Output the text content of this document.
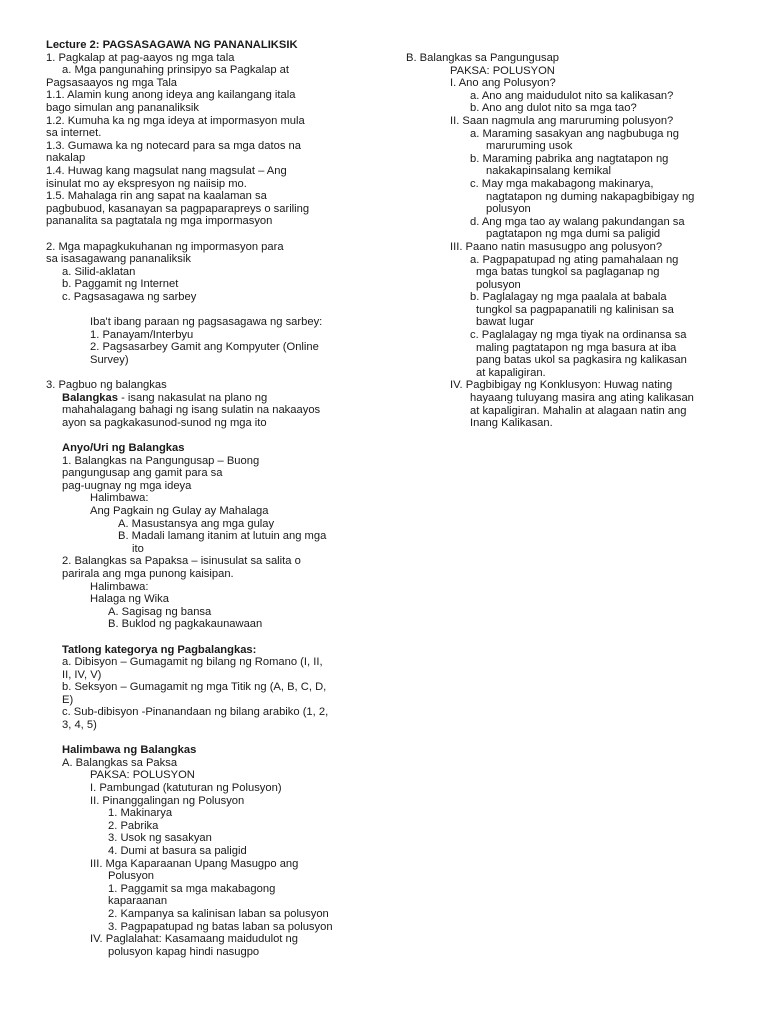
Lecture 2: PAGSASAGAWA NG PANANALIKSIK
1. Pagkalap at pag-aayos ng mga tala
a. Mga pangunahing prinsipyo sa Pagkalap at
Pagsasaayos ng mga Tala
1.1. Alamin kung anong ideya ang kailangang itala
bago simulan ang pananaliksik
1.2. Kumuha ka ng mga ideya at impormasyon mula
sa internet.
1.3. Gumawa ka ng notecard para sa mga datos na
nakalap
1.4. Huwag kang magsulat nang magsulat – Ang
isinulat mo ay ekspresyon ng naiisip mo.
1.5. Mahalaga rin ang sapat na kaalaman sa
pagbubuod, kasanayan sa pagpaparapreys o sariling
pananalita sa pagtatala ng mga impormasyon
2. Mga mapagkukuhanan ng impormasyon para
sa isasagawang pananaliksik
a. Silid-aklatan
b. Paggamit ng Internet
c. Pagsasagawa ng sarbey
Iba't ibang paraan ng pagsasagawa ng sarbey:
1. Panayam/Interbyu
2. Pagsasarbey Gamit ang Kompyuter (Online
Survey)
3. Pagbuo ng balangkas
Balangkas - isang nakasulat na plano ng
mahahalagang bahagi ng isang sulatin na nakaayos
ayon sa pagkakasunod-sunod ng mga ito
Anyo/Uri ng Balangkas
1. Balangkas na Pangungusap – Buong
pangungusap ang gamit para sa
pag-uugnay ng mga ideya
Halimbawa:
Ang Pagkain ng Gulay ay Mahalaga
A. Masustansya ang mga gulay
B. Madali lamang itanim at lutuin ang mga
ito
2. Balangkas sa Papaksa – isinusulat sa salita o
parirala ang mga punong kaisipan.
Halimbawa:
Halaga ng Wika
A. Sagisag ng bansa
B. Buklod ng pagkakaunawaan
Tatlong kategorya ng Pagbalangkas:
a. Dibisyon – Gumagamit ng bilang ng Romano (I, II,
II, IV, V)
b. Seksyon – Gumagamit ng mga Titik ng (A, B, C, D,
E)
c. Sub-dibisyon -Pinanandaan ng bilang arabiko (1, 2,
3, 4, 5)
Halimbawa ng Balangkas
A. Balangkas sa Paksa
PAKSA: POLUSYON
I. Pambungad (katuturan ng Polusyon)
II. Pinanggalingan ng Polusyon
1. Makinarya
2. Pabrika
3. Usok ng sasakyan
4. Dumi at basura sa paligid
III. Mga Kaparaanan Upang Masugpo ang
Polusyon
1. Paggamit sa mga makabagong
kaparaanan
2. Kampanya sa kalinisan laban sa polusyon
3. Pagpapatupad ng batas laban sa polusyon
IV. Paglalahat: Kasamaang maidudulot ng
polusyon kapag hindi nasugpo
B. Balangkas sa Pangungusap
PAKSA: POLUSYON
I. Ano ang Polusyon?
a. Ano ang maidudulot nito sa kalikasan?
b. Ano ang dulot nito sa mga tao?
II. Saan nagmula ang maruruming polusyon?
a. Maraming sasakyan ang nagbubuga ng
maruruming usok
b. Maraming pabrika ang nagtatapon ng
nakakapinsalang kemikal
c. May mga makabagong makinarya,
nagtatapon ng duming nakapagbibigay ng
polusyon
d. Ang mga tao ay walang pakundangan sa
pagtatapon ng mga dumi sa paligid
III. Paano natin masusugpo ang polusyon?
a. Pagpapatupad ng ating pamahalaan ng
mga batas tungkol sa paglaganap ng
polusyon
b. Paglalagay ng mga paalala at babala
tungkol sa pagpapanatili ng kalinisan sa
bawat lugar
c. Paglalagay ng mga tiyak na ordinansa sa
maling pagtatapon ng mga basura at iba
pang batas ukol sa pagkasira ng kalikasan
at kapaligiran.
IV. Pagbibigay ng Konklusyon: Huwag nating
hayaang tuluyang masira ang ating kalikasan
at kapaligiran. Mahalin at alagaan natin ang
Inang Kalikasan.
